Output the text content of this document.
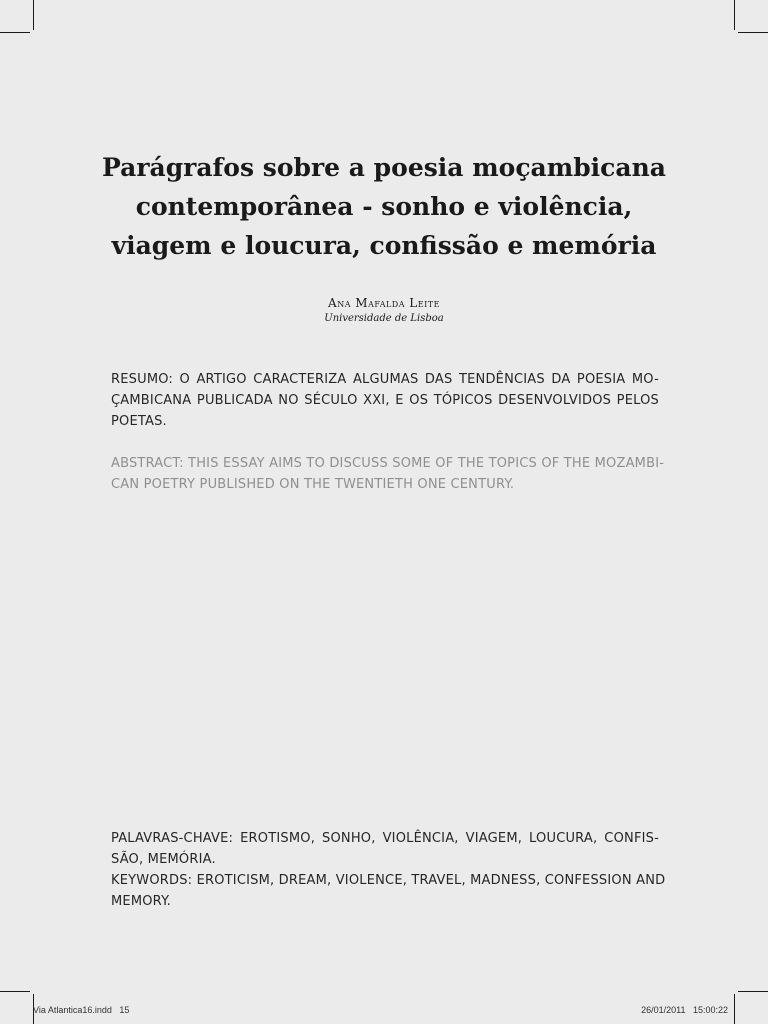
Parágrafos sobre a poesia moçambicana
contemporânea - sonho e violência,
viagem e loucura, confissão e memória
Ana Mafalda Leite
Universidade de Lisboa
RESUMO: O ARTIGO CARACTERIZA ALGUMAS DAS TENDÊNCIAS DA POESIA MO-
ÇAMBICANA PUBLICADA NO SÉCULO XXI, E OS TÓPICOS DESENVOLVIDOS PELOS
POETAS.
ABSTRACT: THIS ESSAY AIMS TO DISCUSS SOME OF THE TOPICS OF THE MOZAMBI-
CAN POETRY PUBLISHED ON THE TWENTIETH ONE CENTURY.
PALAVRAS-CHAVE: EROTISMO, SONHO, VIOLÊNCIA, VIAGEM, LOUCURA, CONFIS-
SÃO, MEMÓRIA.
KEYWORDS: EROTICISM, DREAM, VIOLENCE, TRAVEL, MADNESS, CONFESSION AND
MEMORY.
Via Atlantica16.indd   15	26/01/2011   15:00:22
